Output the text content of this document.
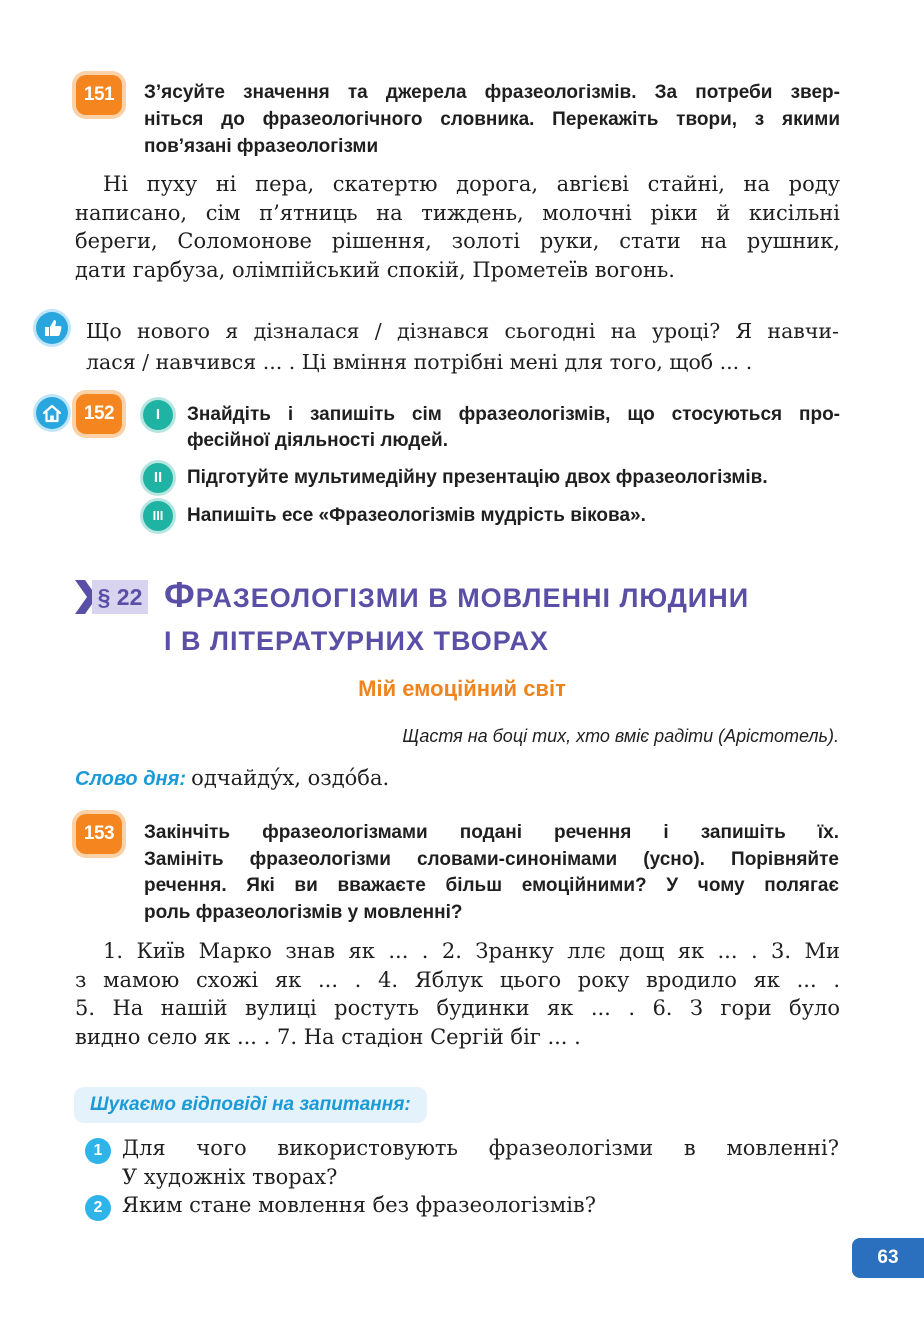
151	З’ясуйте значення та джерела фразеологізмів. За потреби звер-
ніться до фразеологічного словника. Перекажіть твори, з якими
пов’язані фразеологізми
Ні пуху ні пера, скатертю дорога, авгієві стайні, на роду
написано, сім п’ятниць на тиждень, молочні ріки й кисільні
береги, Соломонове рішення, золоті руки, стати на рушник,
дати гарбуза, олімпійський спокій, Прометеїв вогонь.
Що нового я дізналася / дізнався сьогодні на уроці? Я навчи-
лася / навчився ... . Ці вміння потрібні мені для того, щоб ... .
152	I	Знайдіть і запишіть сім фразеологізмів, що стосуються про-
фесійної діяльності людей.
II	Підготуйте мультимедійну презентацію двох фразеологізмів.
III	Напишіть есе «Фразеологізмів мудрість вікова».
§ 22 ФРАЗЕОЛОГІЗМИ В МОВЛЕННІ ЛЮДИНИ
І В ЛІТЕРАТУРНИХ ТВОРАХ
Мій емоційний світ
Щастя на боці тих, хто вміє радіти (Арістотель).
Слово дня: одчайду́х, оздо́ба.
153	Закінчіть фразеологізмами подані речення і запишіть їх.
Замініть фразеологізми словами-синонімами (усно). Порівняйте
речення. Які ви вважаєте більш емоційними? У чому полягає
роль фразеологізмів у мовленні?
1. Київ Марко знав як ... . 2. Зранку ллє дощ як ... . 3. Ми
з мамою схожі як ... . 4. Яблук цього року вродило як ... .
5. На нашій вулиці ростуть будинки як ... . 6. З гори було
видно село як ... . 7. На стадіон Сергій біг ... .
Шукаємо відповіді на запитання:
1 Для чого використовують фразеологізми в мовленні?
У художніх творах?
2 Яким стане мовлення без фразеологізмів?
63
